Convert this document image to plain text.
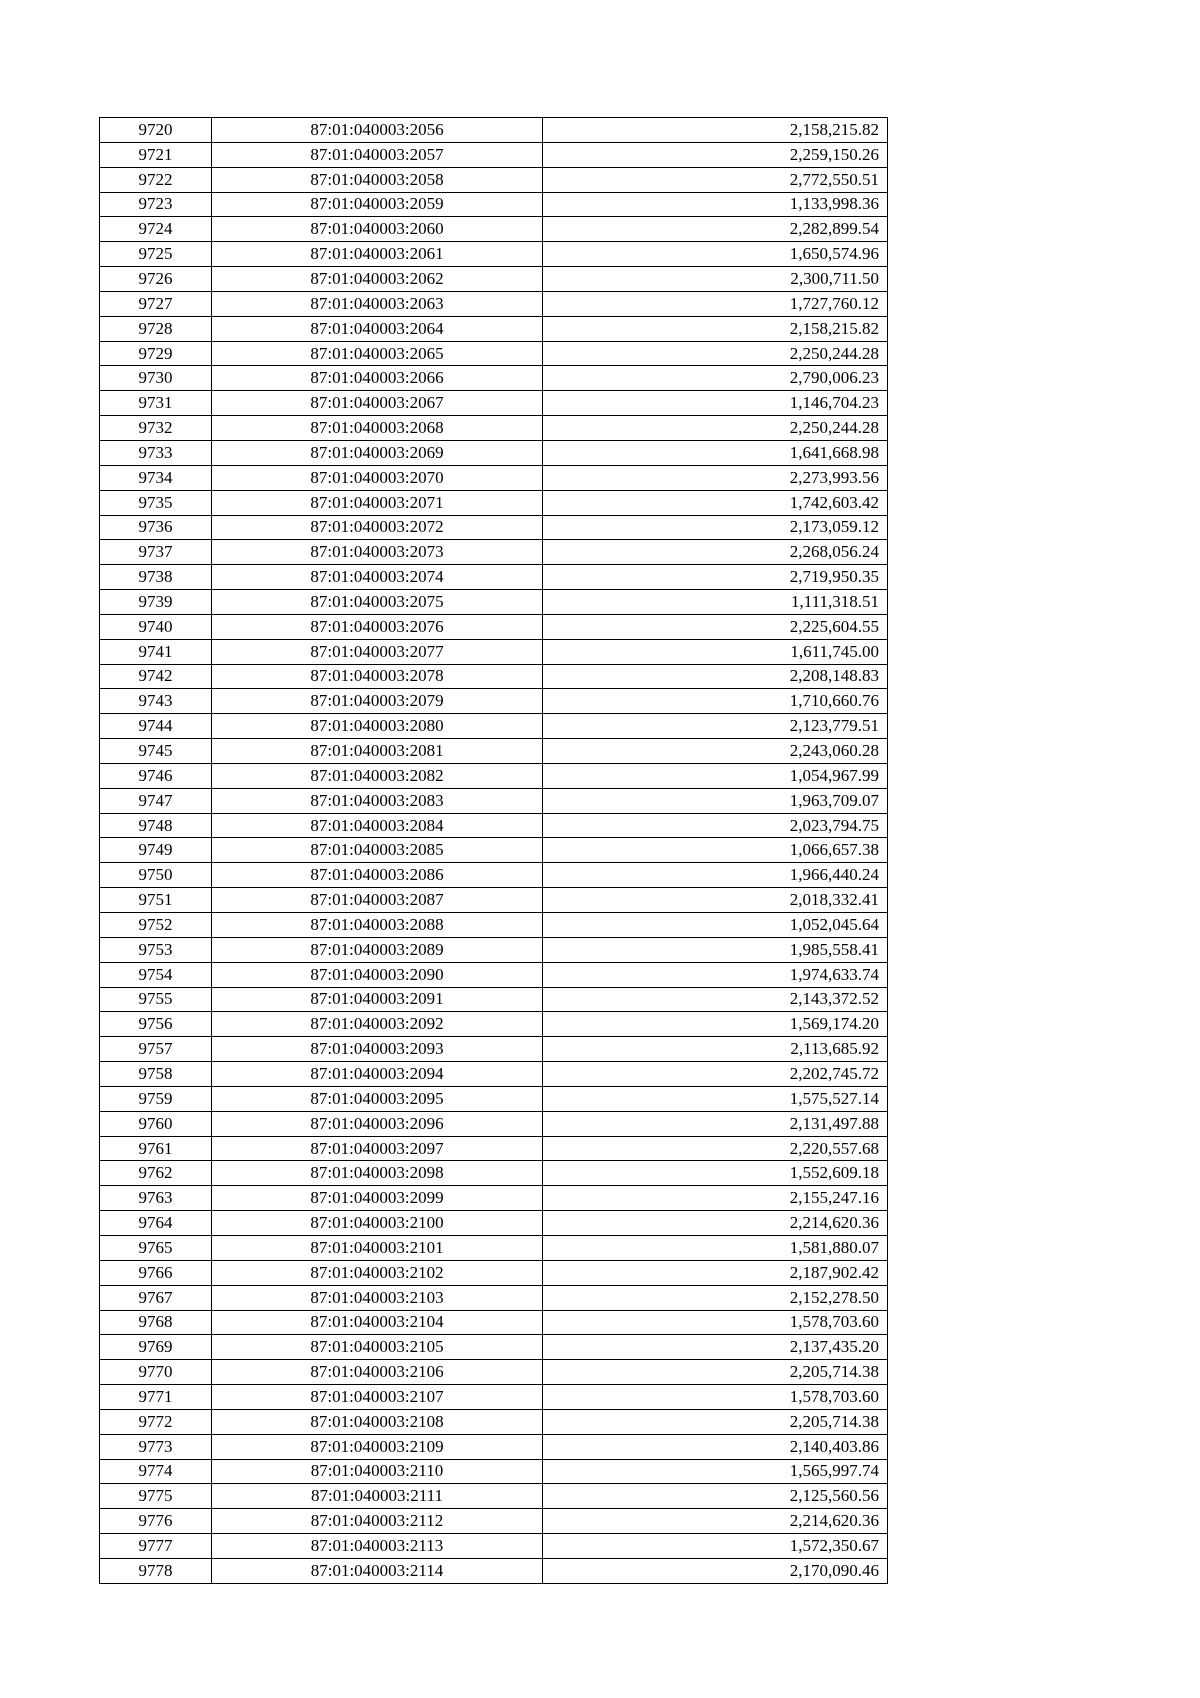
9720	87:01:040003:2056	2,158,215.82
9721	87:01:040003:2057	2,259,150.26
9722	87:01:040003:2058	2,772,550.51
9723	87:01:040003:2059	1,133,998.36
9724	87:01:040003:2060	2,282,899.54
9725	87:01:040003:2061	1,650,574.96
9726	87:01:040003:2062	2,300,711.50
9727	87:01:040003:2063	1,727,760.12
9728	87:01:040003:2064	2,158,215.82
9729	87:01:040003:2065	2,250,244.28
9730	87:01:040003:2066	2,790,006.23
9731	87:01:040003:2067	1,146,704.23
9732	87:01:040003:2068	2,250,244.28
9733	87:01:040003:2069	1,641,668.98
9734	87:01:040003:2070	2,273,993.56
9735	87:01:040003:2071	1,742,603.42
9736	87:01:040003:2072	2,173,059.12
9737	87:01:040003:2073	2,268,056.24
9738	87:01:040003:2074	2,719,950.35
9739	87:01:040003:2075	1,111,318.51
9740	87:01:040003:2076	2,225,604.55
9741	87:01:040003:2077	1,611,745.00
9742	87:01:040003:2078	2,208,148.83
9743	87:01:040003:2079	1,710,660.76
9744	87:01:040003:2080	2,123,779.51
9745	87:01:040003:2081	2,243,060.28
9746	87:01:040003:2082	1,054,967.99
9747	87:01:040003:2083	1,963,709.07
9748	87:01:040003:2084	2,023,794.75
9749	87:01:040003:2085	1,066,657.38
9750	87:01:040003:2086	1,966,440.24
9751	87:01:040003:2087	2,018,332.41
9752	87:01:040003:2088	1,052,045.64
9753	87:01:040003:2089	1,985,558.41
9754	87:01:040003:2090	1,974,633.74
9755	87:01:040003:2091	2,143,372.52
9756	87:01:040003:2092	1,569,174.20
9757	87:01:040003:2093	2,113,685.92
9758	87:01:040003:2094	2,202,745.72
9759	87:01:040003:2095	1,575,527.14
9760	87:01:040003:2096	2,131,497.88
9761	87:01:040003:2097	2,220,557.68
9762	87:01:040003:2098	1,552,609.18
9763	87:01:040003:2099	2,155,247.16
9764	87:01:040003:2100	2,214,620.36
9765	87:01:040003:2101	1,581,880.07
9766	87:01:040003:2102	2,187,902.42
9767	87:01:040003:2103	2,152,278.50
9768	87:01:040003:2104	1,578,703.60
9769	87:01:040003:2105	2,137,435.20
9770	87:01:040003:2106	2,205,714.38
9771	87:01:040003:2107	1,578,703.60
9772	87:01:040003:2108	2,205,714.38
9773	87:01:040003:2109	2,140,403.86
9774	87:01:040003:2110	1,565,997.74
9775	87:01:040003:2111	2,125,560.56
9776	87:01:040003:2112	2,214,620.36
9777	87:01:040003:2113	1,572,350.67
9778	87:01:040003:2114	2,170,090.46
